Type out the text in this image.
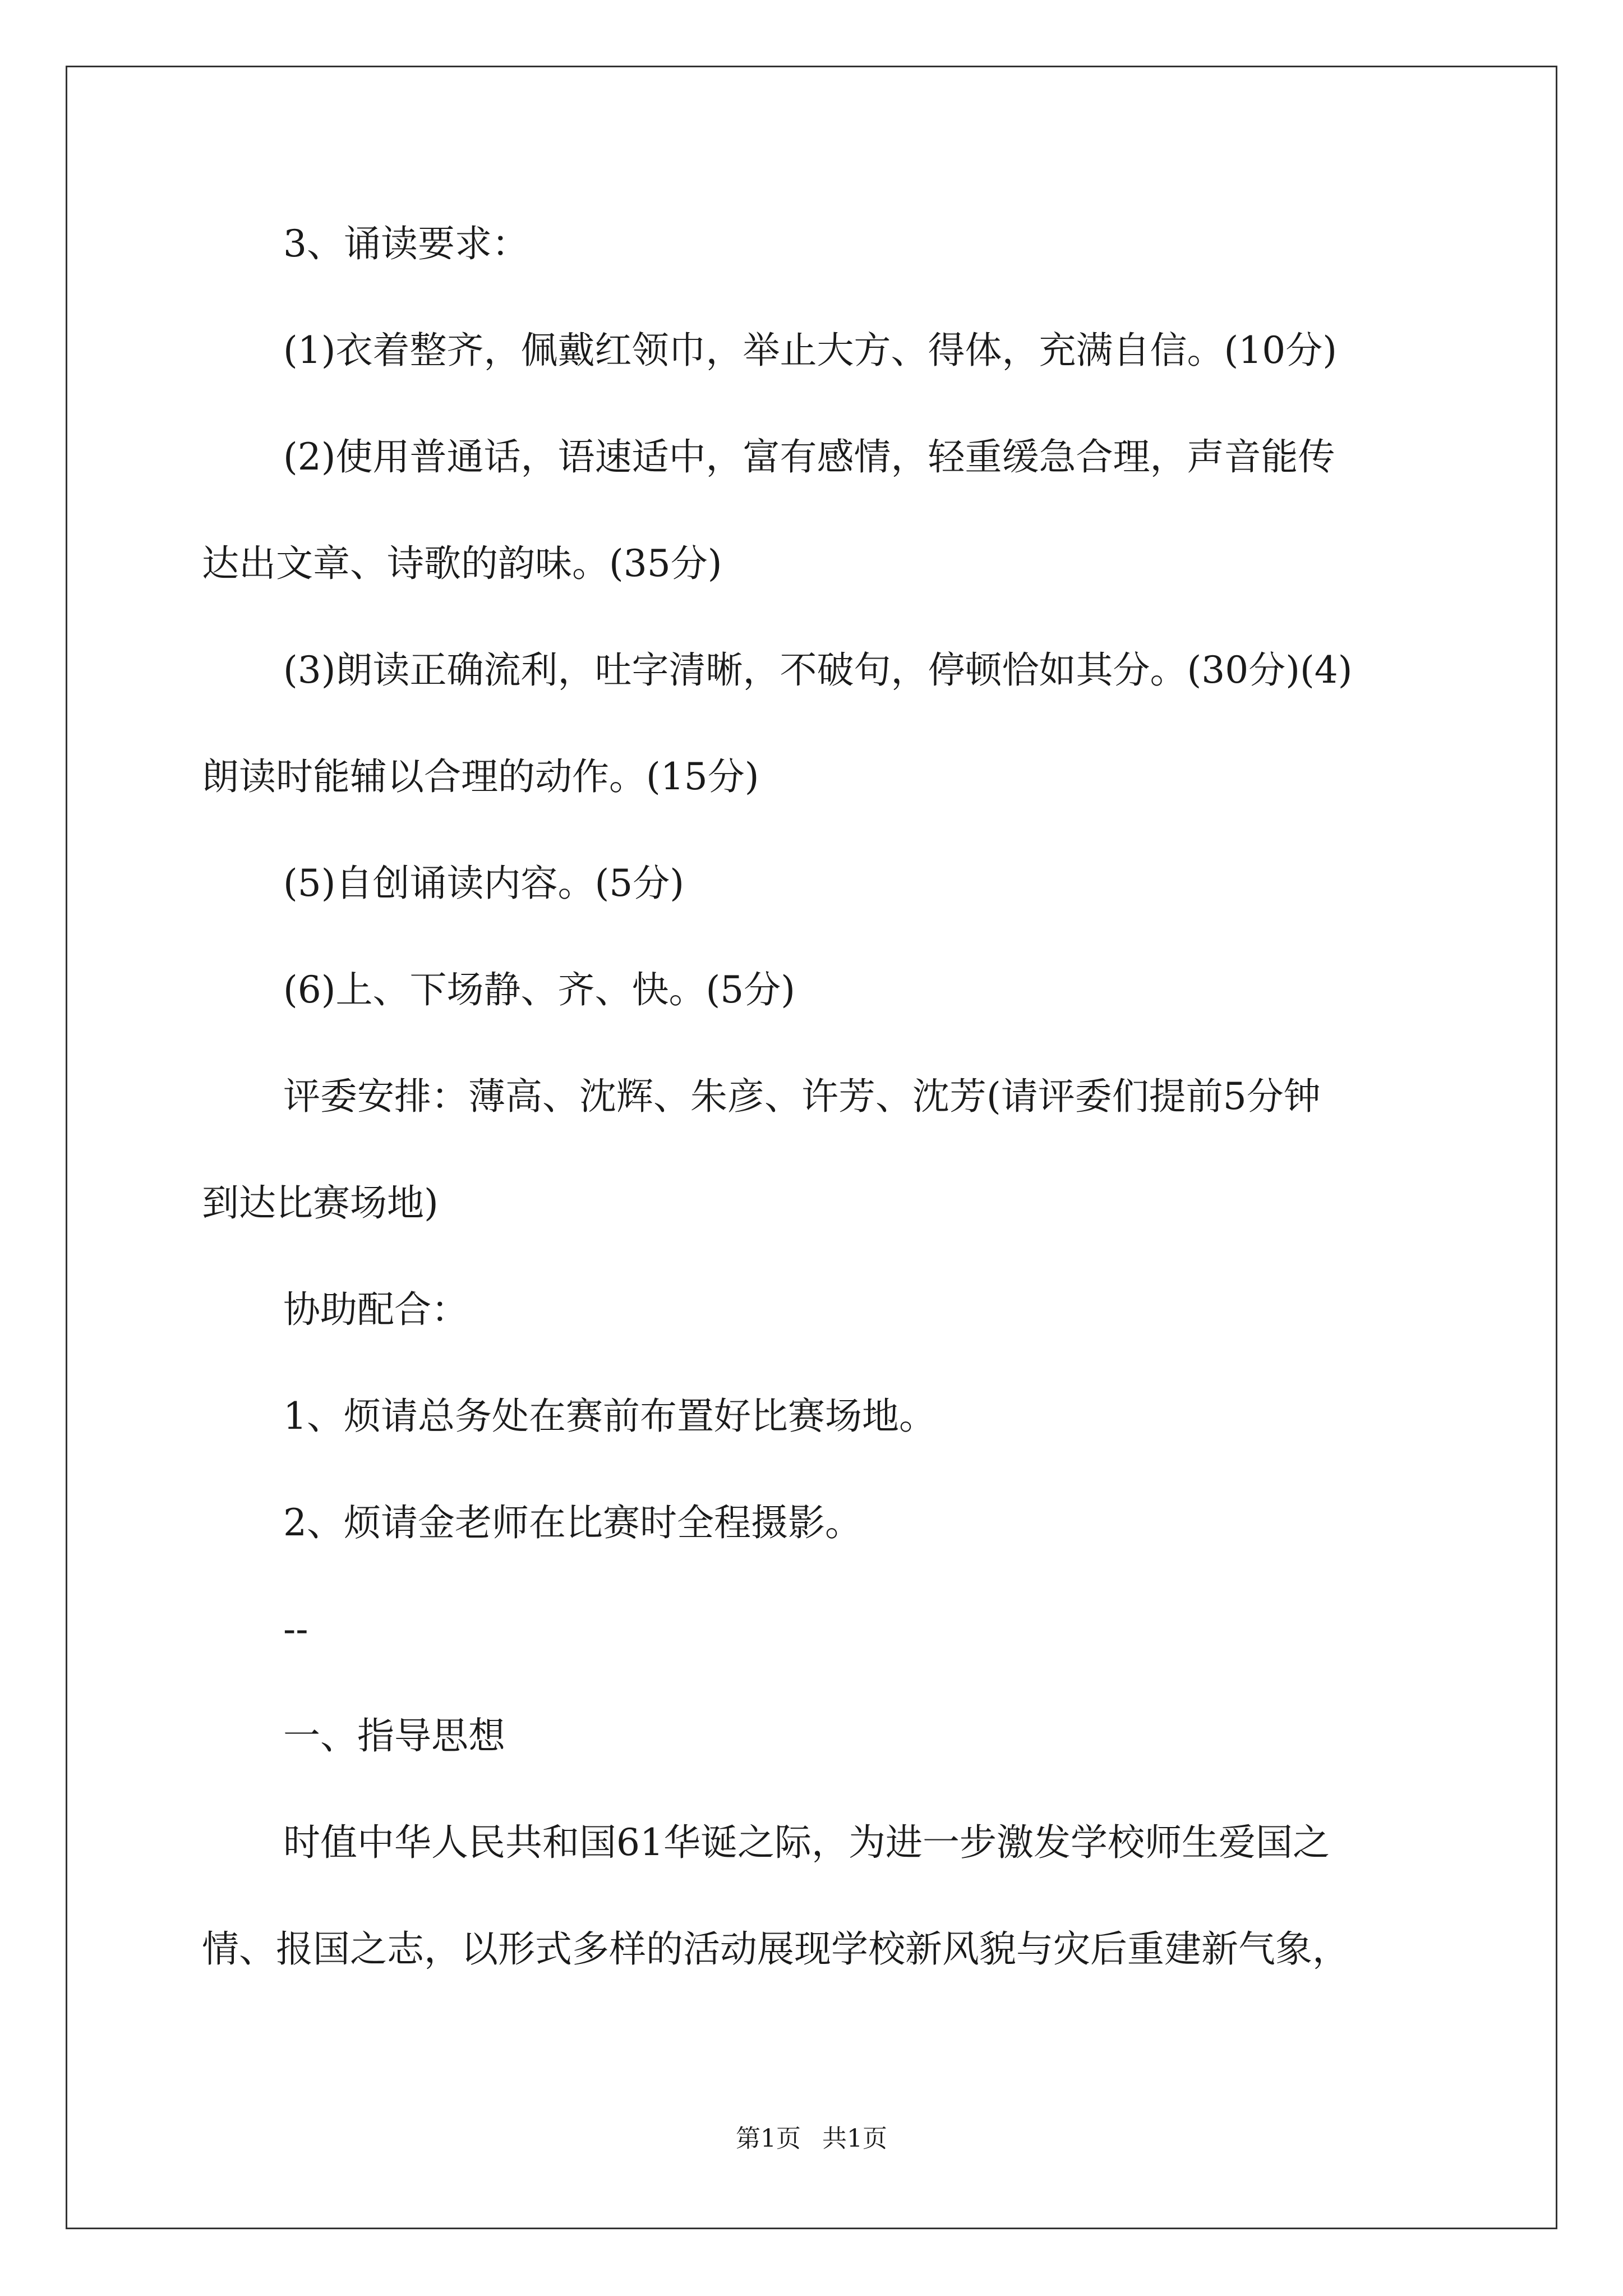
3、诵读要求：
(1)衣着整齐，佩戴红领巾，举止大方、得体，充满自信。(10分)
(2)使用普通话，语速适中，富有感情，轻重缓急合理，声音能传
达出文章、诗歌的韵味。(35分)
(3)朗读正确流利，吐字清晰，不破句，停顿恰如其分。(30分)(4)
朗读时能辅以合理的动作。(15分)
(5)自创诵读内容。(5分)
(6)上、下场静、齐、快。(5分)
评委安排：薄高、沈辉、朱彦、许芳、沈芳(请评委们提前5分钟
到达比赛场地)
协助配合：
1、烦请总务处在赛前布置好比赛场地。
2、烦请金老师在比赛时全程摄影。
--
一、指导思想
时值中华人民共和国61华诞之际，为进一步激发学校师生爱国之
情、报国之志，以形式多样的活动展现学校新风貌与灾后重建新气象，
第1页 共1页
